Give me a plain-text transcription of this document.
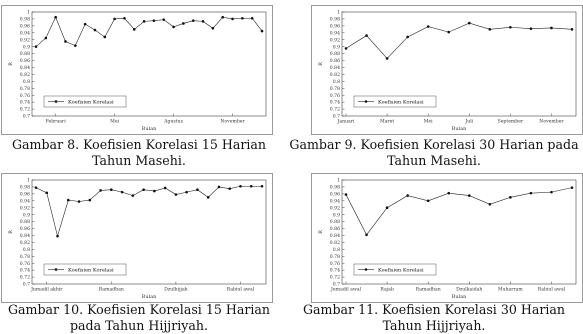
0.7
0.72
0.74
0.76
0.78
0.8
0.82
0.84
0.86
0.88
0.9
0.92
0.94
0.96
0.98
1
Februari	Mei	Agustus	November
Bulan
R
Koefisien Korelasi
Gambar 8. Koefisien Korelasi 15 Harian Tahun Masehi.
0.7
0.72
0.74
0.76
0.78
0.8
0.82
0.84
0.86
0.88
0.9
0.92
0.94
0.96
0.98
1
Januari	Maret	Mei	Juli	September	November
Bulan
R
Koefisien Korelasi
Gambar 9. Koefisien Korelasi 30 Harian pada Tahun Masehi.
0.7
0.72
0.74
0.76
0.78
0.8
0.82
0.84
0.86
0.88
0.9
0.92
0.94
0.96
0.98
1
Jumadil akhir	Ramadhan	Dzulhijjah	Rabiul awal
Bulan
R
Koefisien Korelasi
Gambar 10. Koefisien Korelasi 15 Harian pada Tahun Hijjriyah.
0.7
0.72
0.74
0.76
0.78
0.8
0.82
0.84
0.86
0.88
0.9
0.92
0.94
0.96
0.98
1
Jumadil awal	Rajab	Ramadhan	Dzulkaidah	Muharram	Rabiul awal
Bulan
R
Koefisien Korelasi
Gambar 11. Koefisien Korelasi 30 Harian Tahun Hijjriyah.
